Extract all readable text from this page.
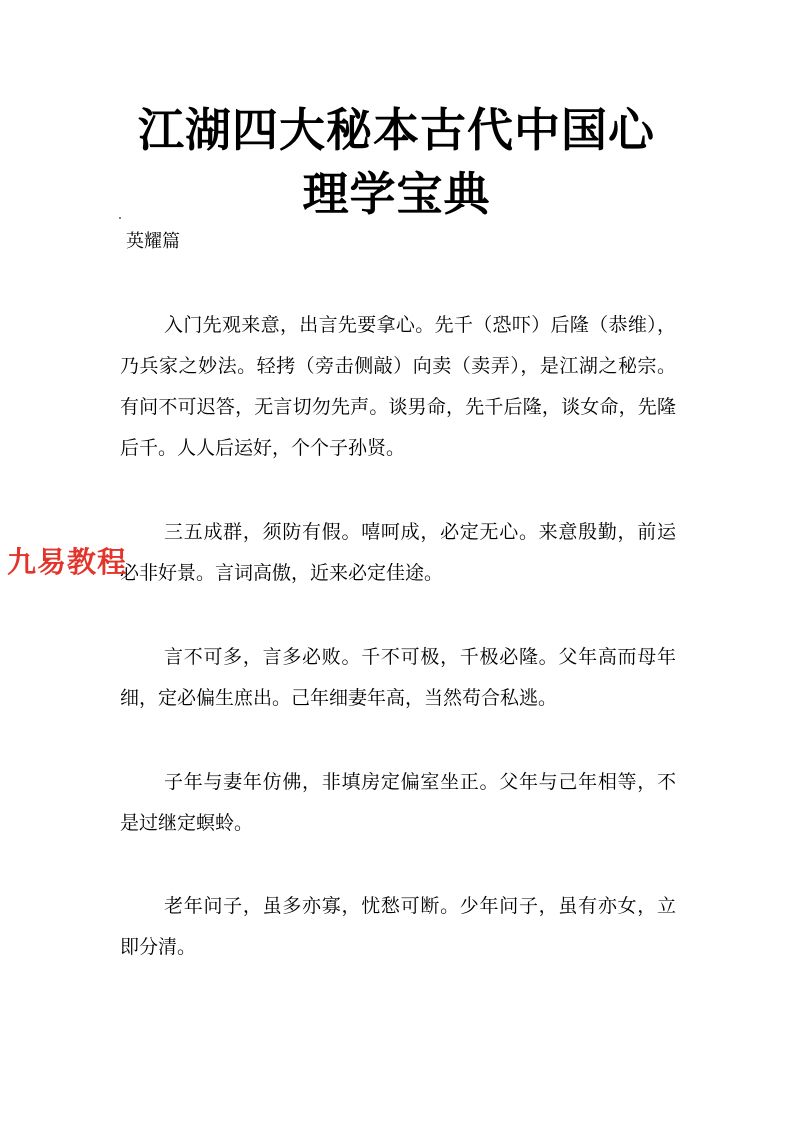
江湖四大秘本古代中国心
理学宝典
英耀篇

入门先观来意，出言先要拿心。先千（恐吓）后隆（恭维），乃兵家之妙法。轻拷（旁击侧敲）向卖（卖弄），是江湖之秘宗。有问不可迟答，无言切勿先声。谈男命，先千后隆，谈女命，先隆后千。人人后运好，个个子孙贤。

三五成群，须防有假。嘻呵成，必定无心。来意殷勤，前运必非好景。言词高傲，近来必定佳途。

言不可多，言多必败。千不可极，千极必隆。父年高而母年细，定必偏生庶出。己年细妻年高，当然苟合私逃。

子年与妻年仿佛，非填房定偏室坐正。父年与己年相等，不是过继定螟蛉。

老年问子，虽多亦寡，忧愁可断。少年问子，虽有亦女，立即分清。

九易教程
